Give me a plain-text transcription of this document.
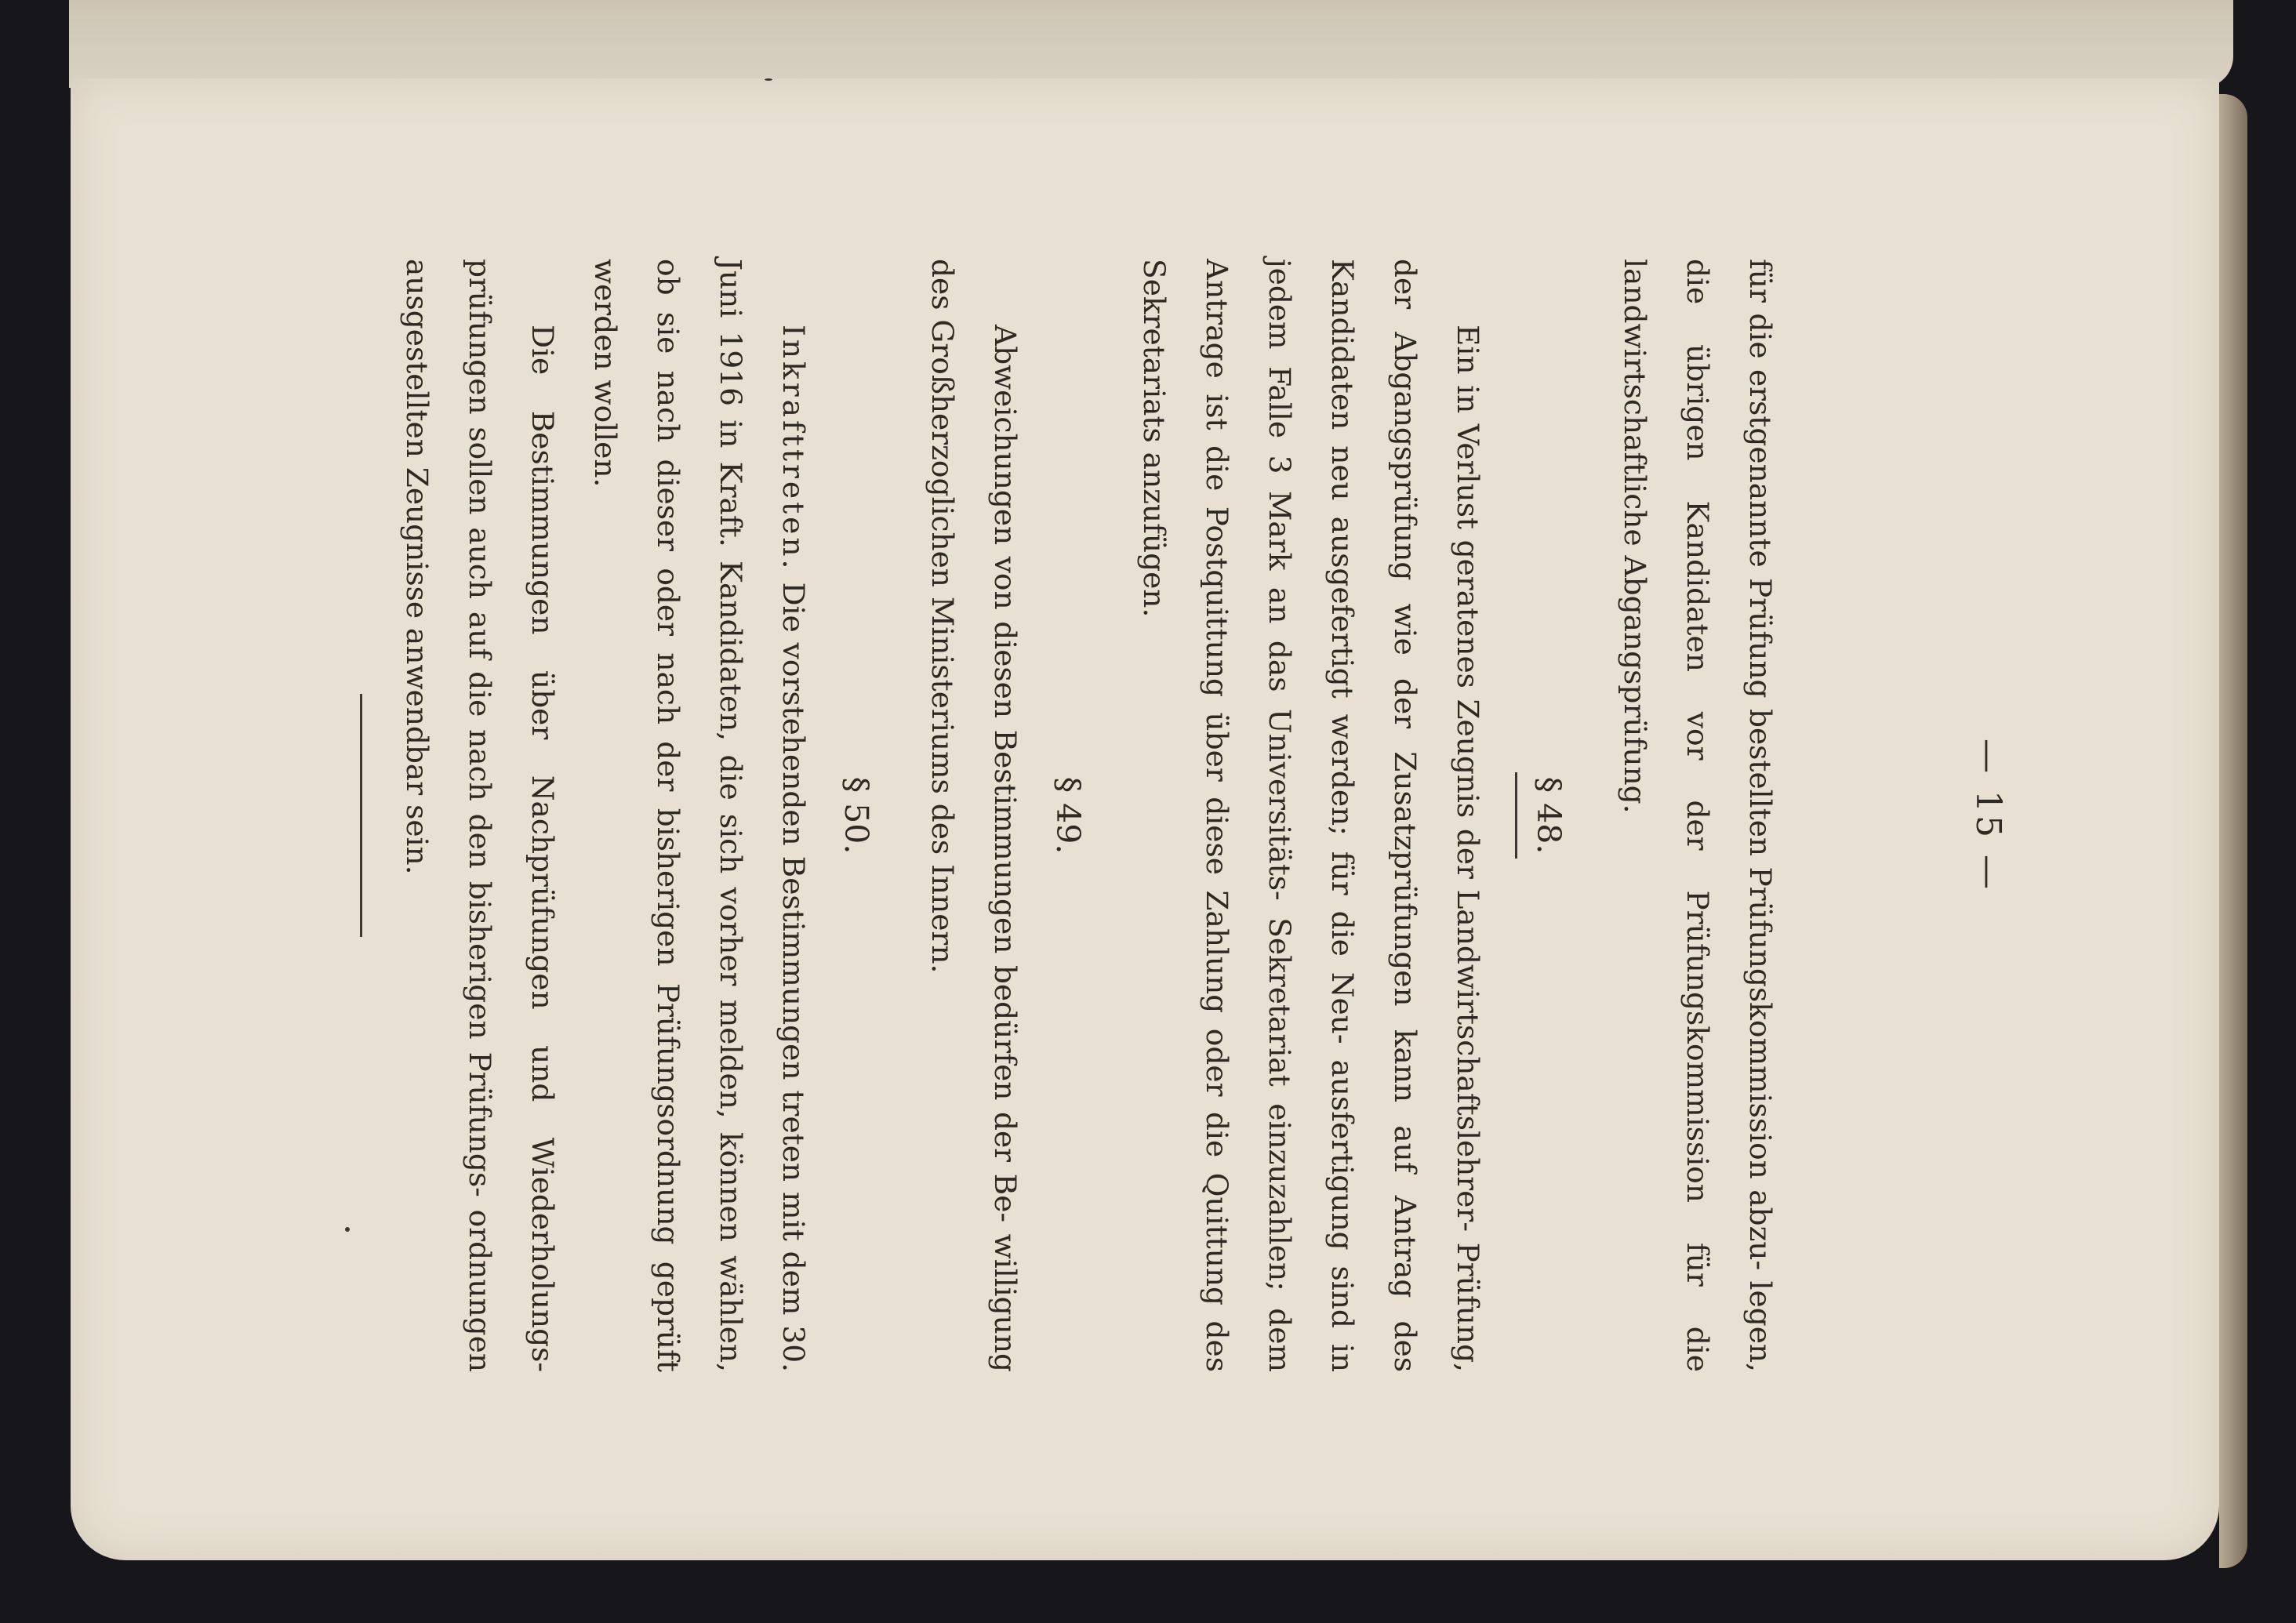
— 15 —

für die erstgenannte Prüfung bestellten Prüfungskommission abzu- legen, die übrigen Kandidaten vor der Prüfungskommission für die landwirtschaftliche Abgangsprüfung.

§ 48.

Ein in Verlust geratenes Zeugnis der Landwirtschaftslehrer- Prüfung, der Abgangsprüfung wie der Zusatzprüfungen kann auf Antrag des Kandidaten neu ausgefertigt werden; für die Neu- ausfertigung sind in jedem Falle 3 Mark an das Universitäts- Sekretariat einzuzahlen; dem Antrage ist die Postquittung über diese Zahlung oder die Quittung des Sekretariats anzufügen.

§ 49.

Abweichungen von diesen Bestimmungen bedürfen der Be- willigung des Großherzoglichen Ministeriums des Innern.

§ 50.

Inkrafttreten. Die vorstehenden Bestimmungen treten mit dem 30. Juni 1916 in Kraft. Kandidaten, die sich vorher melden, können wählen, ob sie nach dieser oder nach der bisherigen Prüfungsordnung geprüft werden wollen.

Die Bestimmungen über Nachprüfungen und Wiederholungs- prüfungen sollen auch auf die nach den bisherigen Prüfungs- ordnungen ausgestellten Zeugnisse anwendbar sein.
